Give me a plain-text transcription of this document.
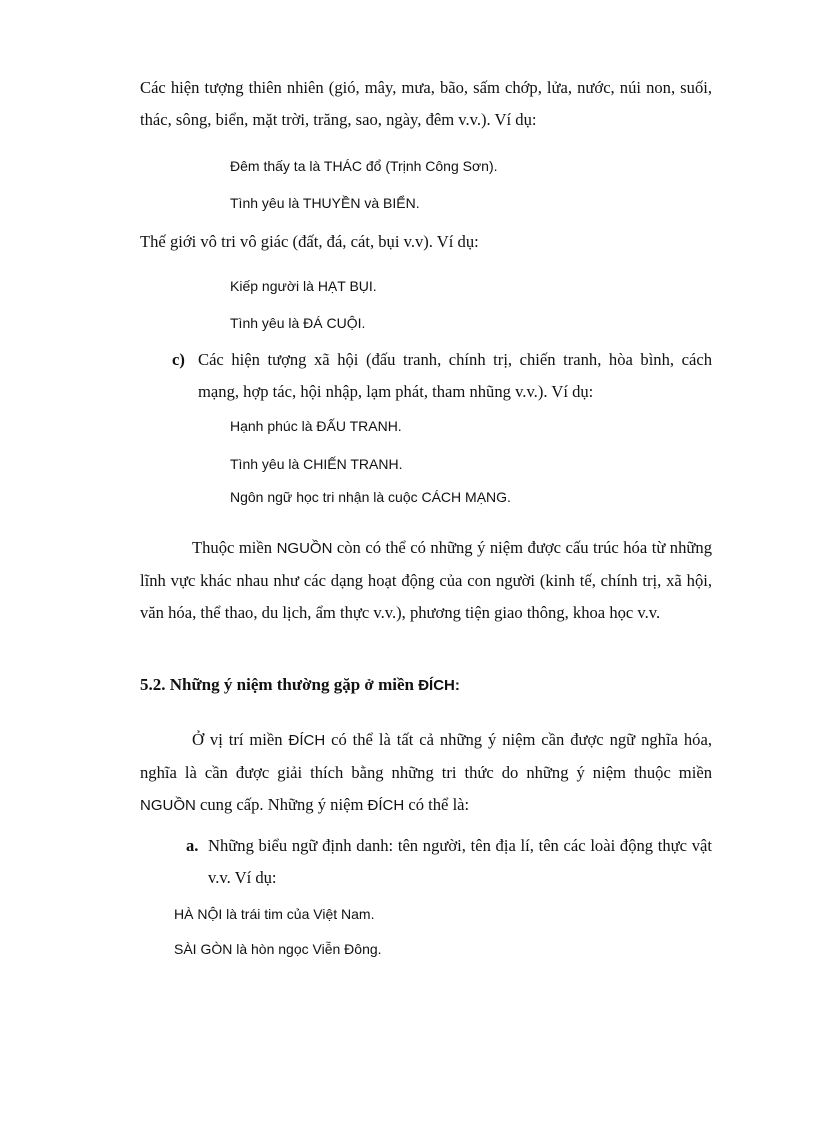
Các hiện tượng thiên nhiên (gió, mây, mưa, bão, sấm chớp, lửa, nước, núi non, suối, thác, sông, biển, mặt trời, trăng, sao, ngày, đêm v.v.). Ví dụ:

Đêm thấy ta là THÁC đổ (Trịnh Công Sơn).
Tình yêu là THUYỀN và BIỂN.

Thế giới vô tri vô giác (đất, đá, cát, bụi v.v). Ví dụ:

Kiếp người là HẠT BỤI.
Tình yêu là ĐÁ CUỘI.
c) Các hiện tượng xã hội (đấu tranh, chính trị, chiến tranh, hòa bình, cách mạng, hợp tác, hội nhập, lạm phát, tham nhũng v.v.). Ví dụ:
Hạnh phúc là ĐẤU TRANH.
Tình yêu là CHIẾN TRANH.
Ngôn ngữ học tri nhận là cuộc CÁCH MẠNG.

Thuộc miền NGUỒN còn có thể có những ý niệm được cấu trúc hóa từ những lĩnh vực khác nhau như các dạng hoạt động của con người (kinh tế, chính trị, xã hội, văn hóa, thể thao, du lịch, ẩm thực v.v.), phương tiện giao thông, khoa học v.v.

5.2. Những ý niệm thường gặp ở miền ĐÍCH:

Ở vị trí miền ĐÍCH có thể là tất cả những ý niệm cần được ngữ nghĩa hóa, nghĩa là cần được giải thích bằng những tri thức do những ý niệm thuộc miền NGUỒN cung cấp. Những ý niệm ĐÍCH có thể là:

a. Những biểu ngữ định danh: tên người, tên địa lí, tên các loài động thực vật v.v. Ví dụ:
HÀ NỘI là trái tim của Việt Nam.
SÀI GÒN là hòn ngọc Viễn Đông.
